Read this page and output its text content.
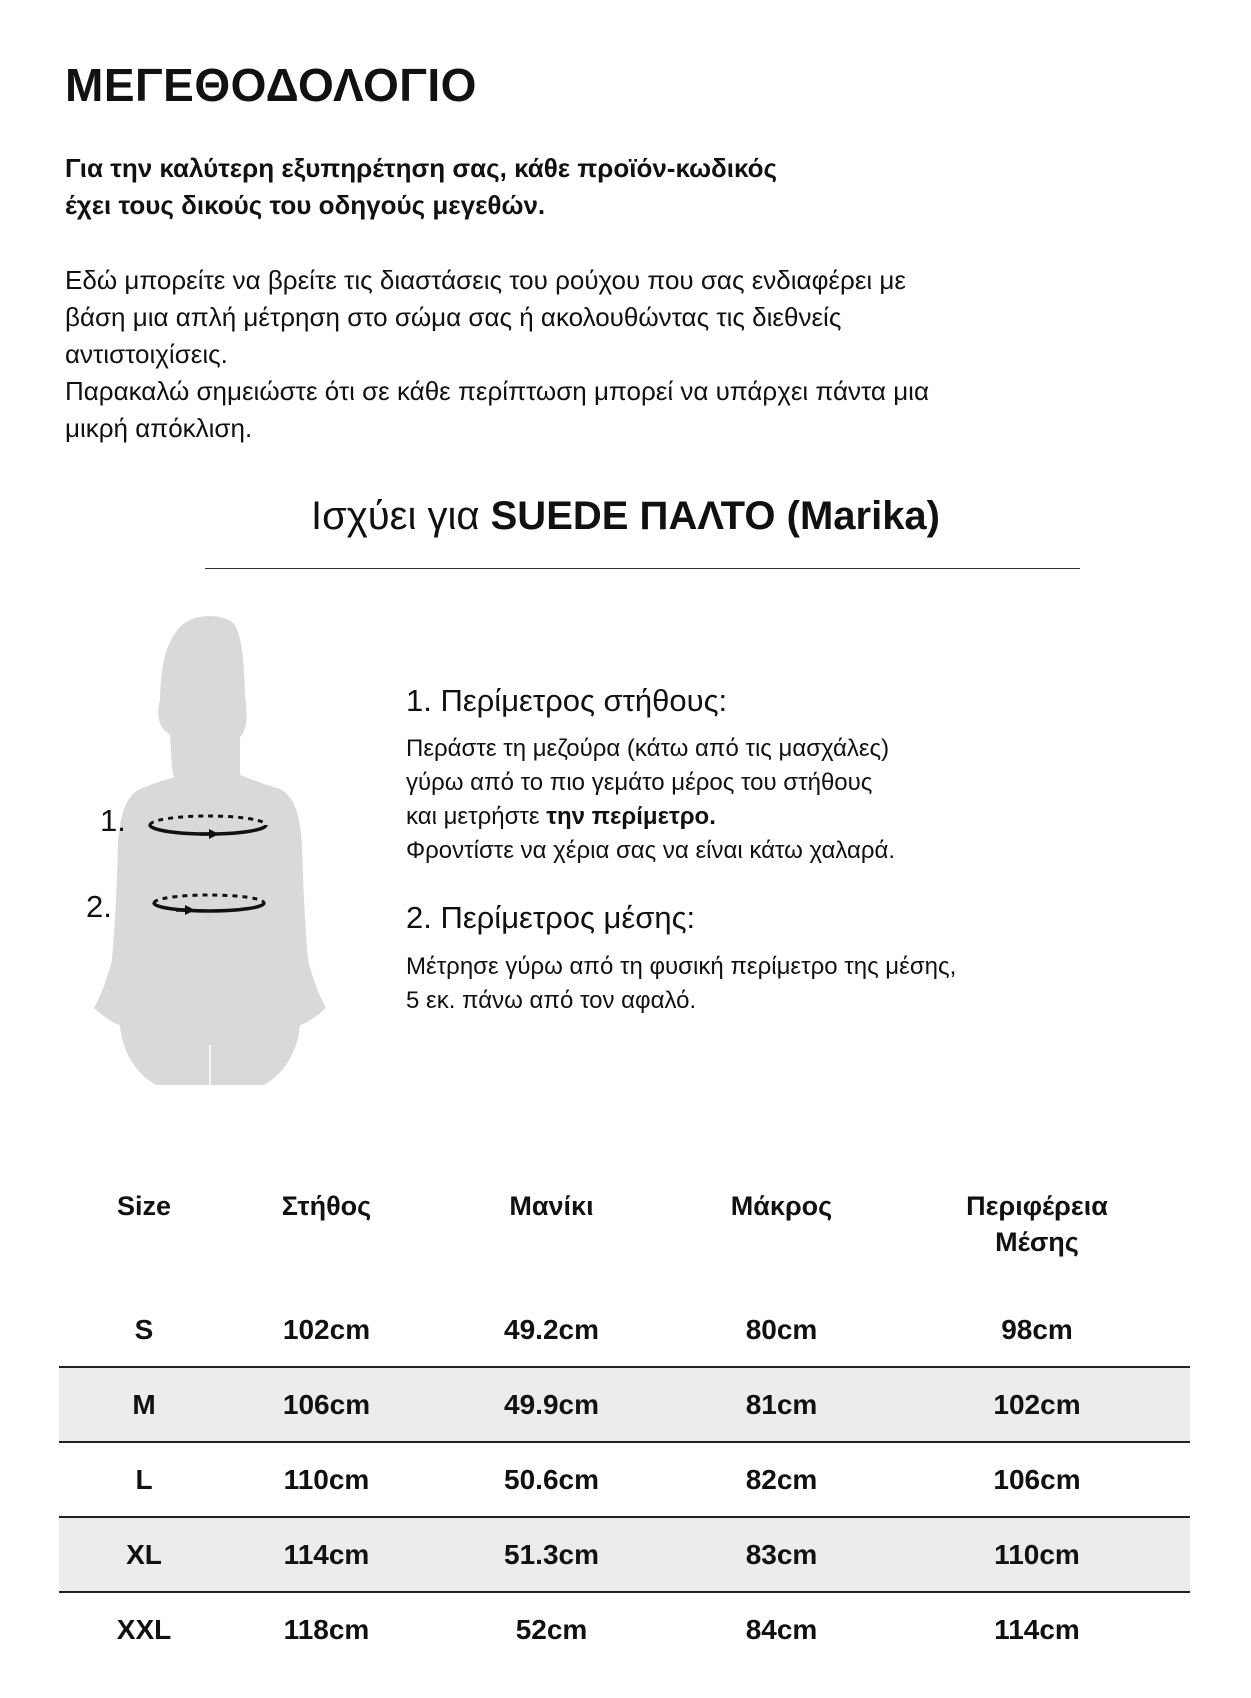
ΜΕΓΕΘΟΔΟΛΟΓΙΟ
Για την καλύτερη εξυπηρέτηση σας, κάθε προϊόν-κωδικός
έχει τους δικούς του οδηγούς μεγεθών.
Εδώ μπορείτε να βρείτε τις διαστάσεις του ρούχου που σας ενδιαφέρει με
βάση μια απλή μέτρηση στο σώμα σας ή ακολουθώντας τις διεθνείς
αντιστοιχίσεις.
Παρακαλώ σημειώστε ότι σε κάθε περίπτωση μπορεί να υπάρχει πάντα μια
μικρή απόκλιση.
Ισχύει για SUEDE ΠΑΛΤΟ (Marika)
1.
2.
1. Περίμετρος στήθους:
Περάστε τη μεζούρα (κάτω από τις μασχάλες)
γύρω από το πιο γεμάτο μέρος του στήθους
και μετρήστε την περίμετρο.
Φροντίστε να χέρια σας να είναι κάτω χαλαρά.
2. Περίμετρος μέσης:
Μέτρησε γύρω από τη φυσική περίμετρο της μέσης,
5 εκ. πάνω από τον αφαλό.
Size	Στήθος	Μανίκι	Μάκρος	Περιφέρεια
Μέσης

S	102cm	49.2cm	80cm	98cm
M	106cm	49.9cm	81cm	102cm
L	110cm	50.6cm	82cm	106cm
XL	114cm	51.3cm	83cm	110cm
XXL	118cm	52cm	84cm	114cm
